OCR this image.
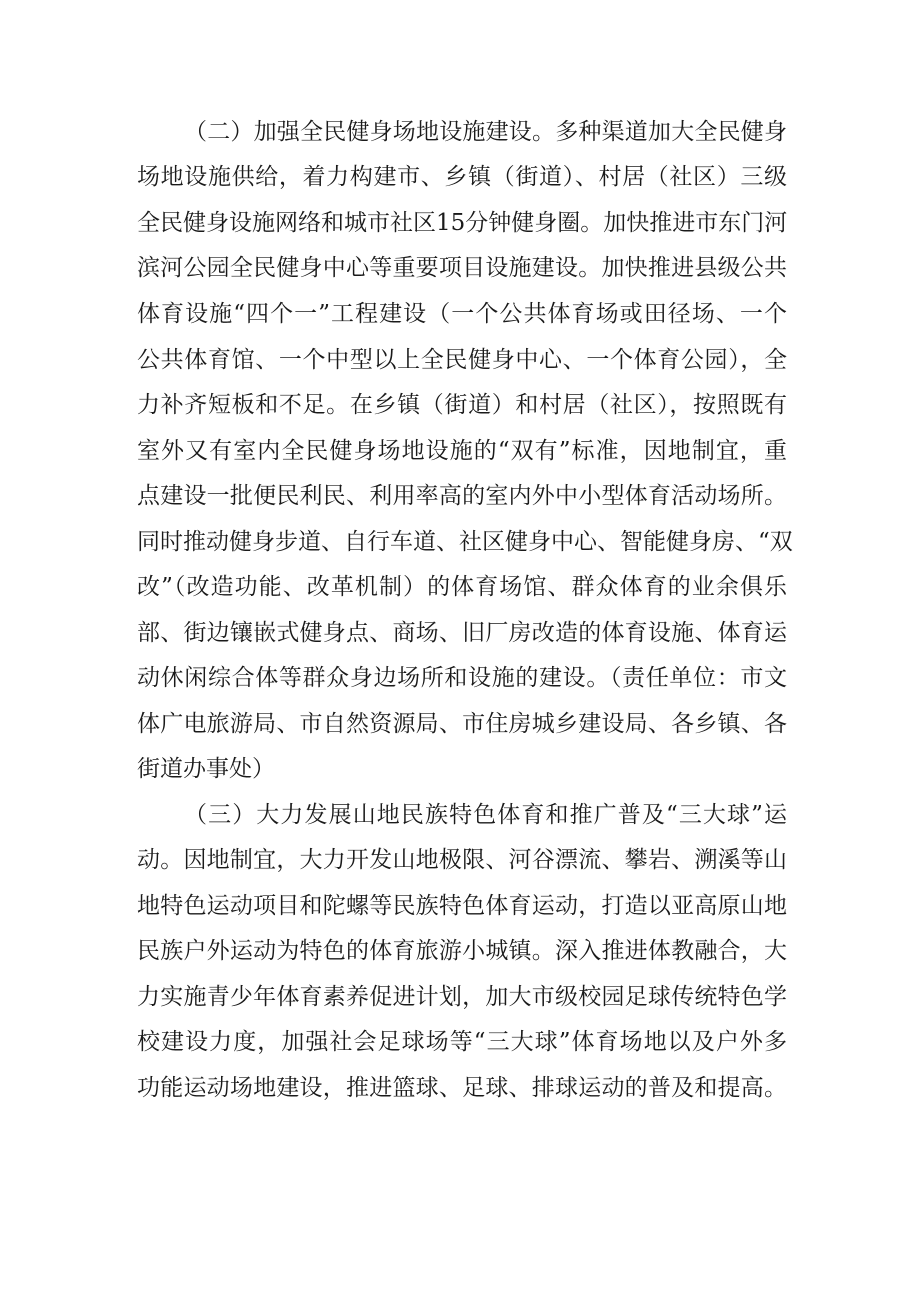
（二）加强全民健身场地设施建设。多种渠道加大全民健身
场地设施供给，着力构建市、乡镇（街道）、村居（社区）三级
全民健身设施网络和城市社区15分钟健身圈。加快推进市东门河
滨河公园全民健身中心等重要项目设施建设。加快推进县级公共
体育设施“四个一”工程建设（一个公共体育场或田径场、一个
公共体育馆、一个中型以上全民健身中心、一个体育公园），全
力补齐短板和不足。在乡镇（街道）和村居（社区），按照既有
室外又有室内全民健身场地设施的“双有”标准，因地制宜，重
点建设一批便民利民、利用率高的室内外中小型体育活动场所。
同时推动健身步道、自行车道、社区健身中心、智能健身房、“双
改”（改造功能、改革机制）的体育场馆、群众体育的业余俱乐
部、街边镶嵌式健身点、商场、旧厂房改造的体育设施、体育运
动休闲综合体等群众身边场所和设施的建设。（责任单位：市文
体广电旅游局、市自然资源局、市住房城乡建设局、各乡镇、各
街道办事处）
（三）大力发展山地民族特色体育和推广普及“三大球”运
动。因地制宜，大力开发山地极限、河谷漂流、攀岩、溯溪等山
地特色运动项目和陀螺等民族特色体育运动，打造以亚高原山地
民族户外运动为特色的体育旅游小城镇。深入推进体教融合，大
力实施青少年体育素养促进计划，加大市级校园足球传统特色学
校建设力度，加强社会足球场等“三大球”体育场地以及户外多
功能运动场地建设，推进篮球、足球、排球运动的普及和提高。
